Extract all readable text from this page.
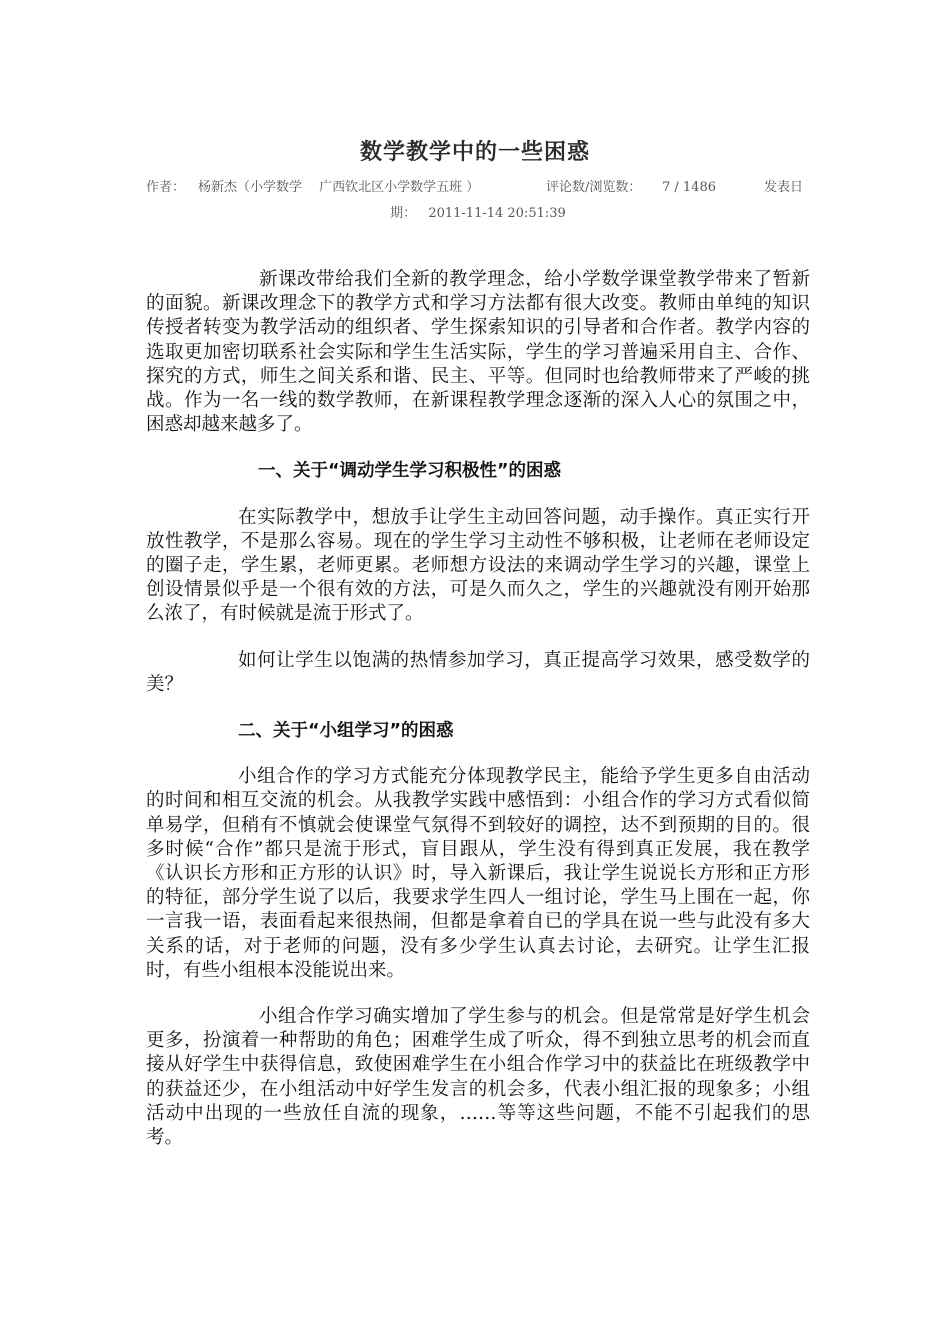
数学教学中的一些困惑
作者： 杨新杰（小学数学　 广西钦北区小学数学五班 ）	评论数/浏览数： 7 / 1486	发表日
期： 2011-11-14 20:51:39

新课改带给我们全新的教学理念，给小学数学课堂教学带来了暂新的面貌。新课改理念下的教学方式和学习方法都有很大改变。教师由单纯的知识传授者转变为教学活动的组织者、学生探索知识的引导者和合作者。教学内容的选取更加密切联系社会实际和学生生活实际，学生的学习普遍采用自主、合作、探究的方式，师生之间关系和谐、民主、平等。但同时也给教师带来了严峻的挑战。作为一名一线的数学教师，在新课程教学理念逐渐的深入人心的氛围之中，困惑却越来越多了。

一、关于“调动学生学习积极性”的困惑

在实际教学中，想放手让学生主动回答问题，动手操作。真正实行开放性教学，不是那么容易。现在的学生学习主动性不够积极，让老师在老师设定的圈子走，学生累，老师更累。老师想方设法的来调动学生学习的兴趣，课堂上创设情景似乎是一个很有效的方法，可是久而久之，学生的兴趣就没有刚开始那么浓了，有时候就是流于形式了。

如何让学生以饱满的热情参加学习，真正提高学习效果，感受数学的美？

二、关于“小组学习”的困惑

小组合作的学习方式能充分体现教学民主，能给予学生更多自由活动的时间和相互交流的机会。从我教学实践中感悟到：小组合作的学习方式看似简单易学，但稍有不慎就会使课堂气氛得不到较好的调控，达不到预期的目的。很多时候“合作”都只是流于形式，盲目跟从，学生没有得到真正发展，我在教学《认识长方形和正方形的认识》时，导入新课后，我让学生说说长方形和正方形的特征，部分学生说了以后，我要求学生四人一组讨论，学生马上围在一起，你一言我一语，表面看起来很热闹，但都是拿着自已的学具在说一些与此没有多大关系的话，对于老师的问题，没有多少学生认真去讨论，去研究。让学生汇报时，有些小组根本没能说出来。

小组合作学习确实增加了学生参与的机会。但是常常是好学生机会更多，扮演着一种帮助的角色；困难学生成了听众，得不到独立思考的机会而直接从好学生中获得信息，致使困难学生在小组合作学习中的获益比在班级教学中的获益还少，在小组活动中好学生发言的机会多，代表小组汇报的现象多；小组活动中出现的一些放任自流的现象，……等等这些问题，不能不引起我们的思考。
